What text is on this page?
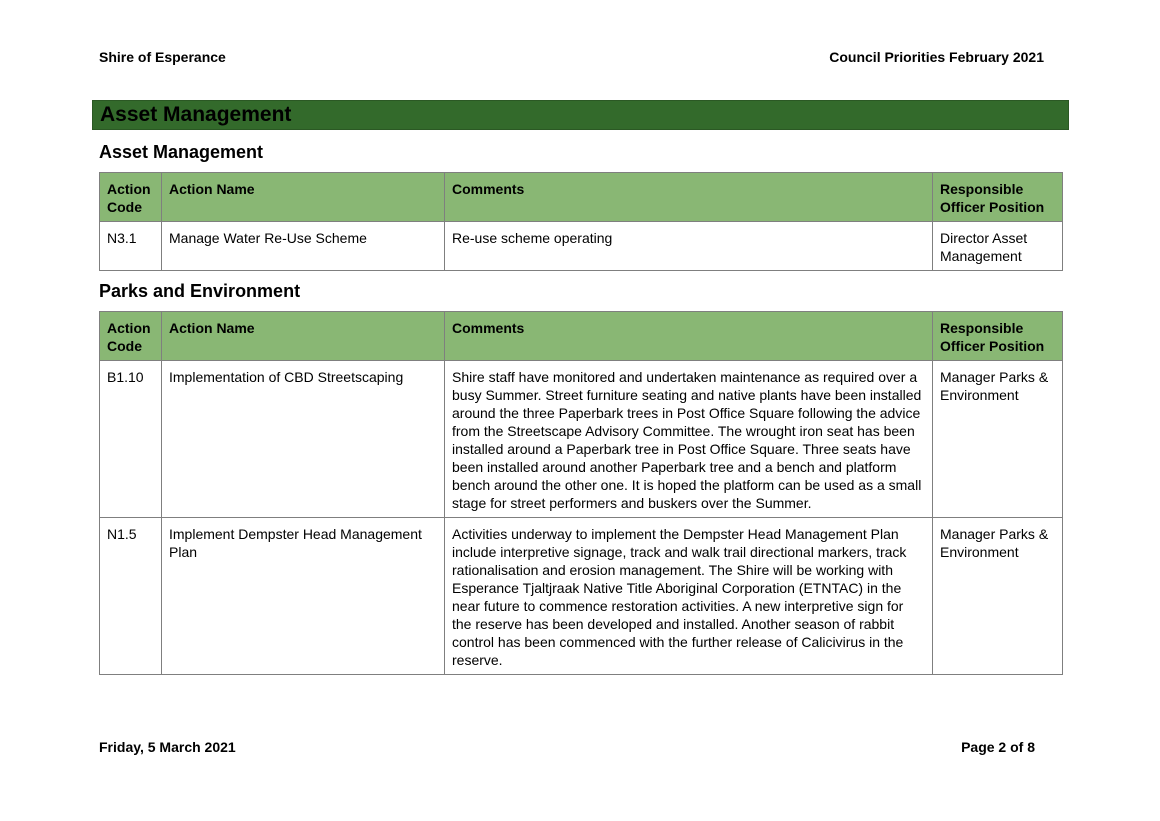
Shire of Esperance	Council Priorities February 2021
Asset Management
Asset Management
Action Code	Action Name	Comments	Responsible Officer Position
N3.1	Manage Water Re-Use Scheme	Re-use scheme operating	Director Asset Management
Parks and Environment
Action Code	Action Name	Comments	Responsible Officer Position
B1.10	Implementation of CBD Streetscaping	Shire staff have monitored and undertaken maintenance as required over a busy Summer. Street furniture seating and native plants have been installed around the three Paperbark trees in Post Office Square following the advice from the Streetscape Advisory Committee. The wrought iron seat has been installed around a Paperbark tree in Post Office Square. Three seats have been installed around another Paperbark tree and a bench and platform bench around the other one. It is hoped the platform can be used as a small stage for street performers and buskers over the Summer.	Manager Parks & Environment
N1.5	Implement Dempster Head Management Plan	Activities underway to implement the Dempster Head Management Plan include interpretive signage, track and walk trail directional markers, track rationalisation and erosion management. The Shire will be working with Esperance Tjaltjraak Native Title Aboriginal Corporation (ETNTAC) in the near future to commence restoration activities. A new interpretive sign for the reserve has been developed and installed. Another season of rabbit control has been commenced with the further release of Calicivirus in the reserve.	Manager Parks & Environment
Friday, 5 March 2021	Page 2 of 8
